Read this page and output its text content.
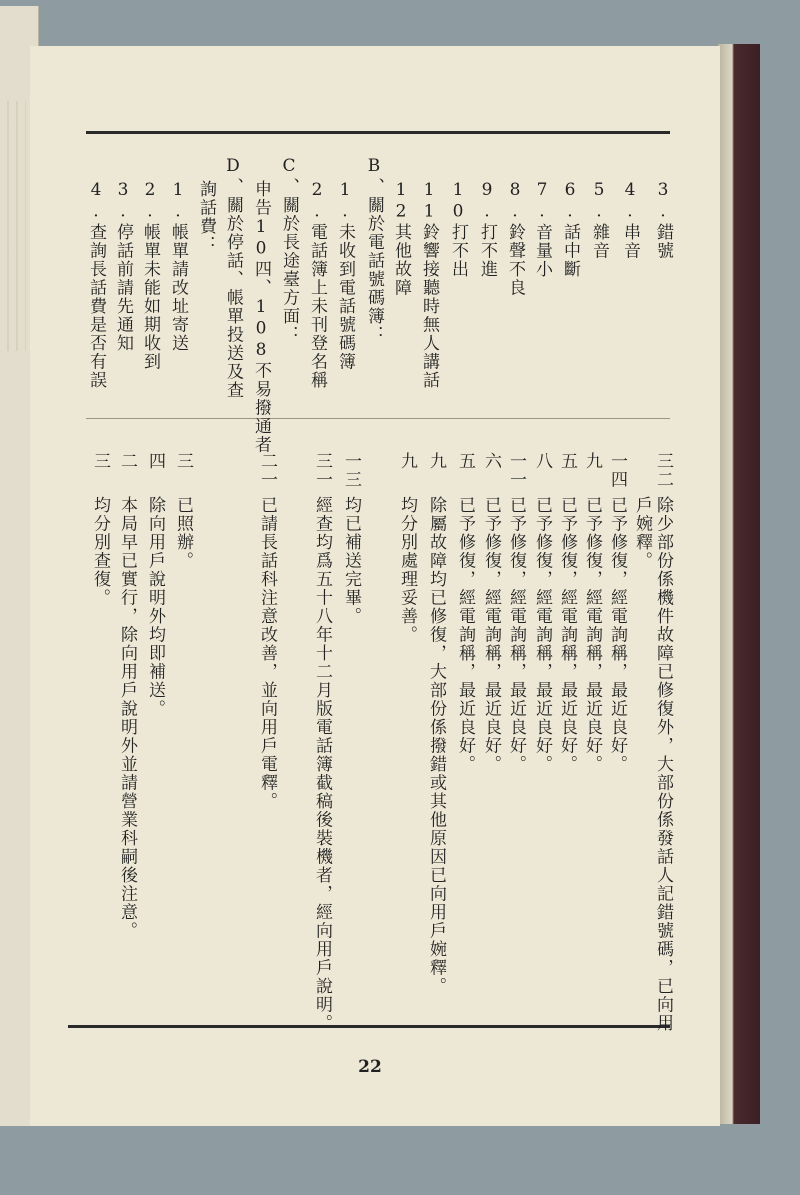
3.錯號
4.串音
5.雜音
6.話中斷
7.音量小
8.鈴聲不良
9.打不進
10打不出
11鈴響接聽時無人講話
12其他故障
B、關於電話號碼簿：
1.未收到電話號碼簿
2.電話簿上未刊登名稱
C、關於長途臺方面：
申告10四、108不易撥通者
D、關於停話、帳單投送及查
詢話費：
1.帳單請改址寄送
2.帳單未能如期收到
3.停話前請先通知
4.查詢長話費是否有誤
三二
除少部份係機件故障已修復外，大部份係發話人記錯號碼，已向用
戶婉釋。
一四
已予修復，經電詢稱，最近良好。
九
已予修復，經電詢稱，最近良好。
五
已予修復，經電詢稱，最近良好。
八
已予修復，經電詢稱，最近良好。
一一
已予修復，經電詢稱，最近良好。
六
已予修復，經電詢稱，最近良好。
五
已予修復，經電詢稱，最近良好。
九
除屬故障均已修復，大部份係撥錯或其他原因已向用戶婉釋。
九
均分別處理妥善。
一三
均已補送完畢。
三一
經查均爲五十八年十二月版電話簿截稿後裝機者，經向用戶說明。
二一
已請長話科注意改善，並向用戶電釋。
三
已照辦。
四
除向用戶說明外均即補送。
二
本局早已實行，除向用戶說明外並請營業科嗣後注意。
三
均分別查復。
22
